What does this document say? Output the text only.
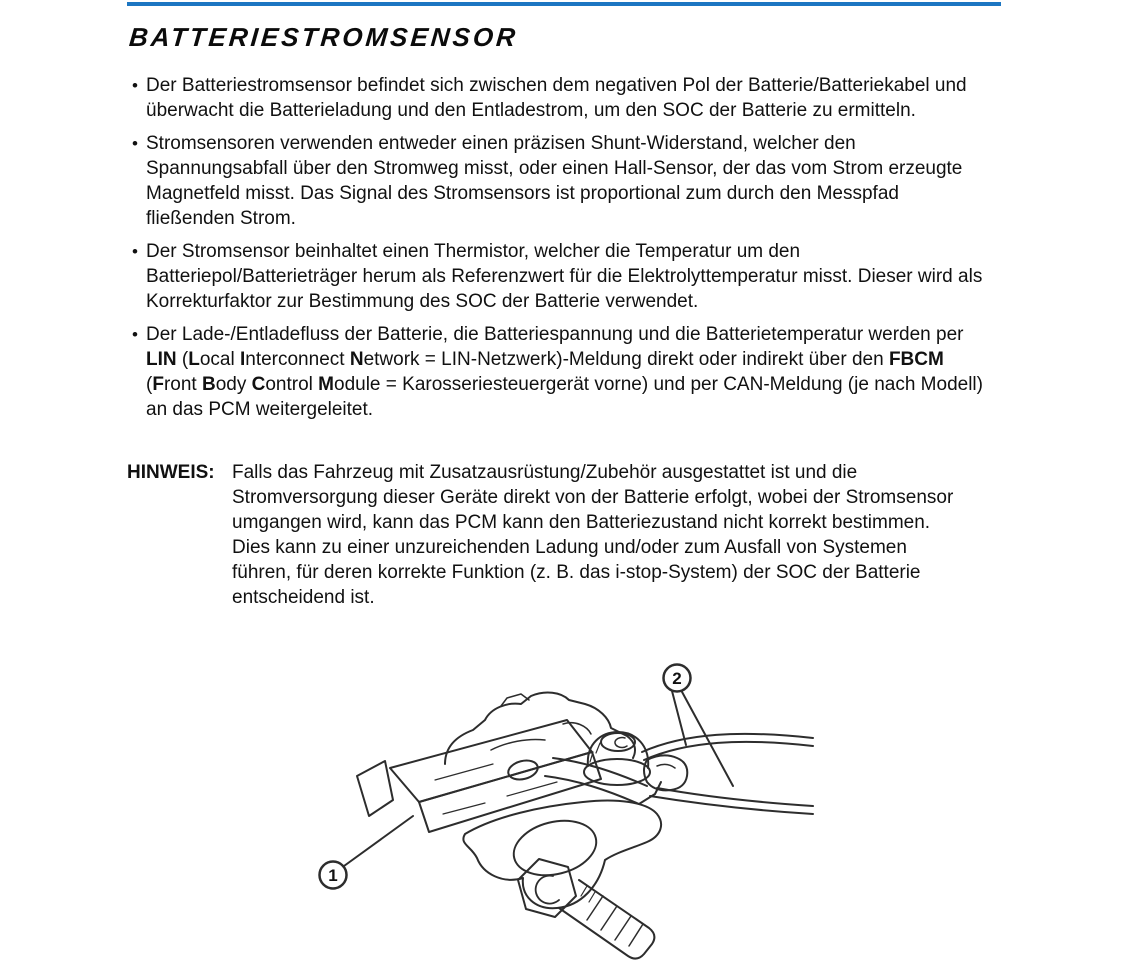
BATTERIESTROMSENSOR
• Der Batteriestromsensor befindet sich zwischen dem negativen Pol der Batterie/Batteriekabel und überwacht die Batterieladung und den Entladestrom, um den SOC der Batterie zu ermitteln.
• Stromsensoren verwenden entweder einen präzisen Shunt-Widerstand, welcher den Spannungsabfall über den Stromweg misst, oder einen Hall-Sensor, der das vom Strom erzeugte Magnetfeld misst. Das Signal des Stromsensors ist proportional zum durch den Messpfad fließenden Strom.
• Der Stromsensor beinhaltet einen Thermistor, welcher die Temperatur um den Batteriepol/Batterieträger herum als Referenzwert für die Elektrolyttemperatur misst. Dieser wird als Korrekturfaktor zur Bestimmung des SOC der Batterie verwendet.
• Der Lade-/Entladefluss der Batterie, die Batteriespannung und die Batterietemperatur werden per LIN (Local Interconnect Network = LIN-Netzwerk)-Meldung direkt oder indirekt über den FBCM (Front Body Control Module = Karosseriesteuergerät vorne) und per CAN-Meldung (je nach Modell) an das PCM weitergeleitet.
HINWEIS: Falls das Fahrzeug mit Zusatzausrüstung/Zubehör ausgestattet ist und die Stromversorgung dieser Geräte direkt von der Batterie erfolgt, wobei der Stromsensor umgangen wird, kann das PCM kann den Batteriezustand nicht korrekt bestimmen. Dies kann zu einer unzureichenden Ladung und/oder zum Ausfall von Systemen führen, für deren korrekte Funktion (z. B. das i-stop-System) der SOC der Batterie entscheidend ist.
1
2
